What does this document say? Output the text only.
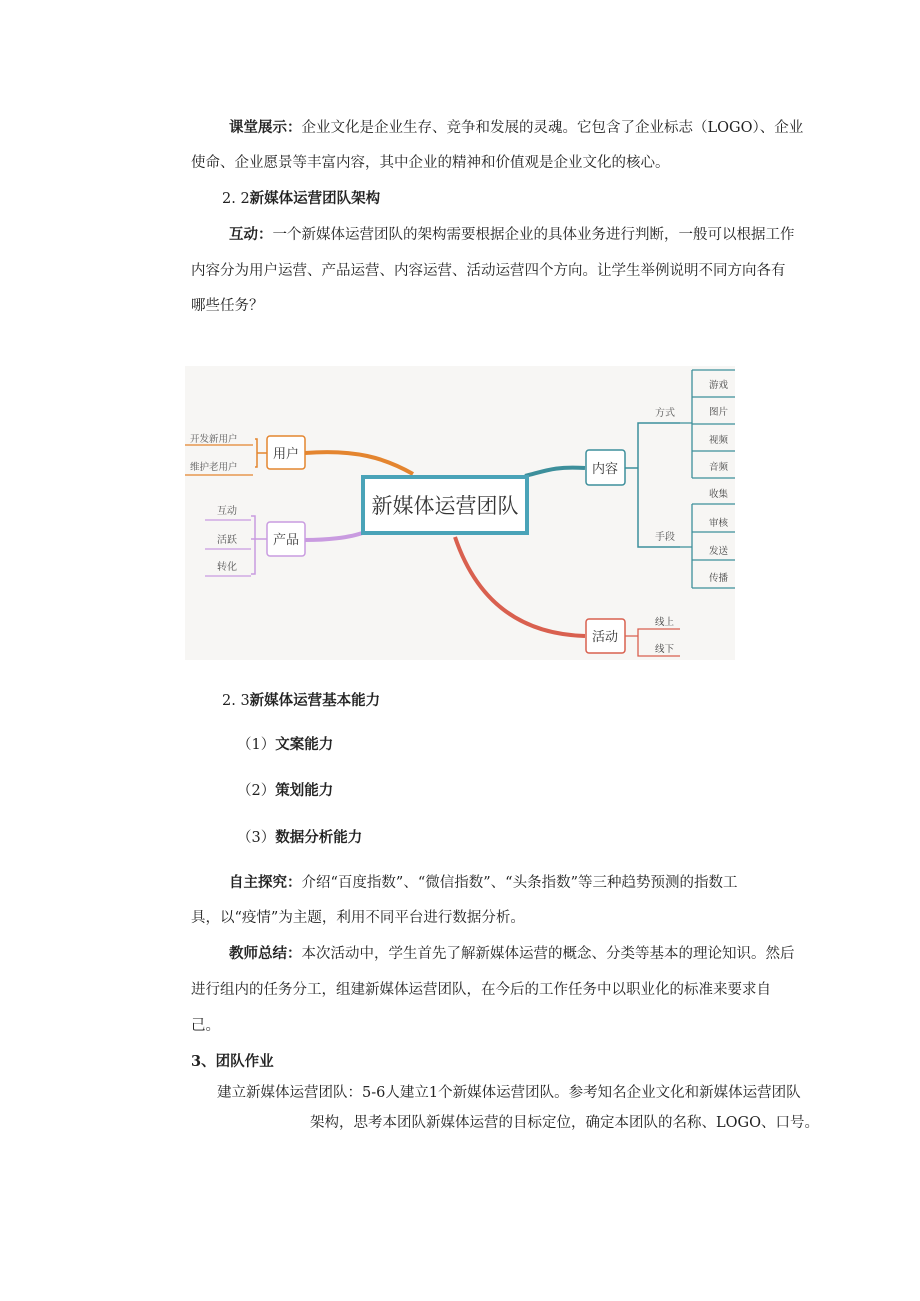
课堂展示：企业文化是企业生存、竞争和发展的灵魂。它包含了企业标志（LOGO）、企业
使命、企业愿景等丰富内容，其中企业的精神和价值观是企业文化的核心。
2. 2新媒体运营团队架构
互动：一个新媒体运营团队的架构需要根据企业的具体业务进行判断，一般可以根据工作
内容分为用户运营、产品运营、内容运营、活动运营四个方向。让学生举例说明不同方向各有
哪些任务？
开发新用户
维护老用户
互动
活跃
转化
方式
手段
游戏
图片
视频
音频
收集
审核
发送
传播
线上
线下
用户
产品
新媒体运营团队
内容
活动
2. 3新媒体运营基本能力
（1）文案能力
（2）策划能力
（3）数据分析能力
自主探究：介绍“百度指数”、“微信指数”、“头条指数”等三种趋势预测的指数工
具，以“疫情”为主题，利用不同平台进行数据分析。
教师总结：本次活动中，学生首先了解新媒体运营的概念、分类等基本的理论知识。然后
进行组内的任务分工，组建新媒体运营团队，在今后的工作任务中以职业化的标准来要求自
己。
3、团队作业
建立新媒体运营团队：5-6人建立1个新媒体运营团队。参考知名企业文化和新媒体运营团队
架构，思考本团队新媒体运营的目标定位，确定本团队的名称、LOGO、口号。
